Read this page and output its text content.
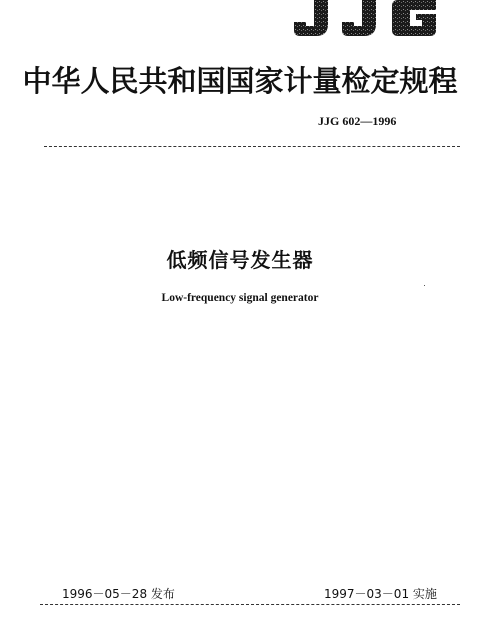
中华人民共和国国家计量检定规程
JJG 602—1996
低频信号发生器
Low-frequency signal generator
1996－05－28 发布	1997－03－01 实施
